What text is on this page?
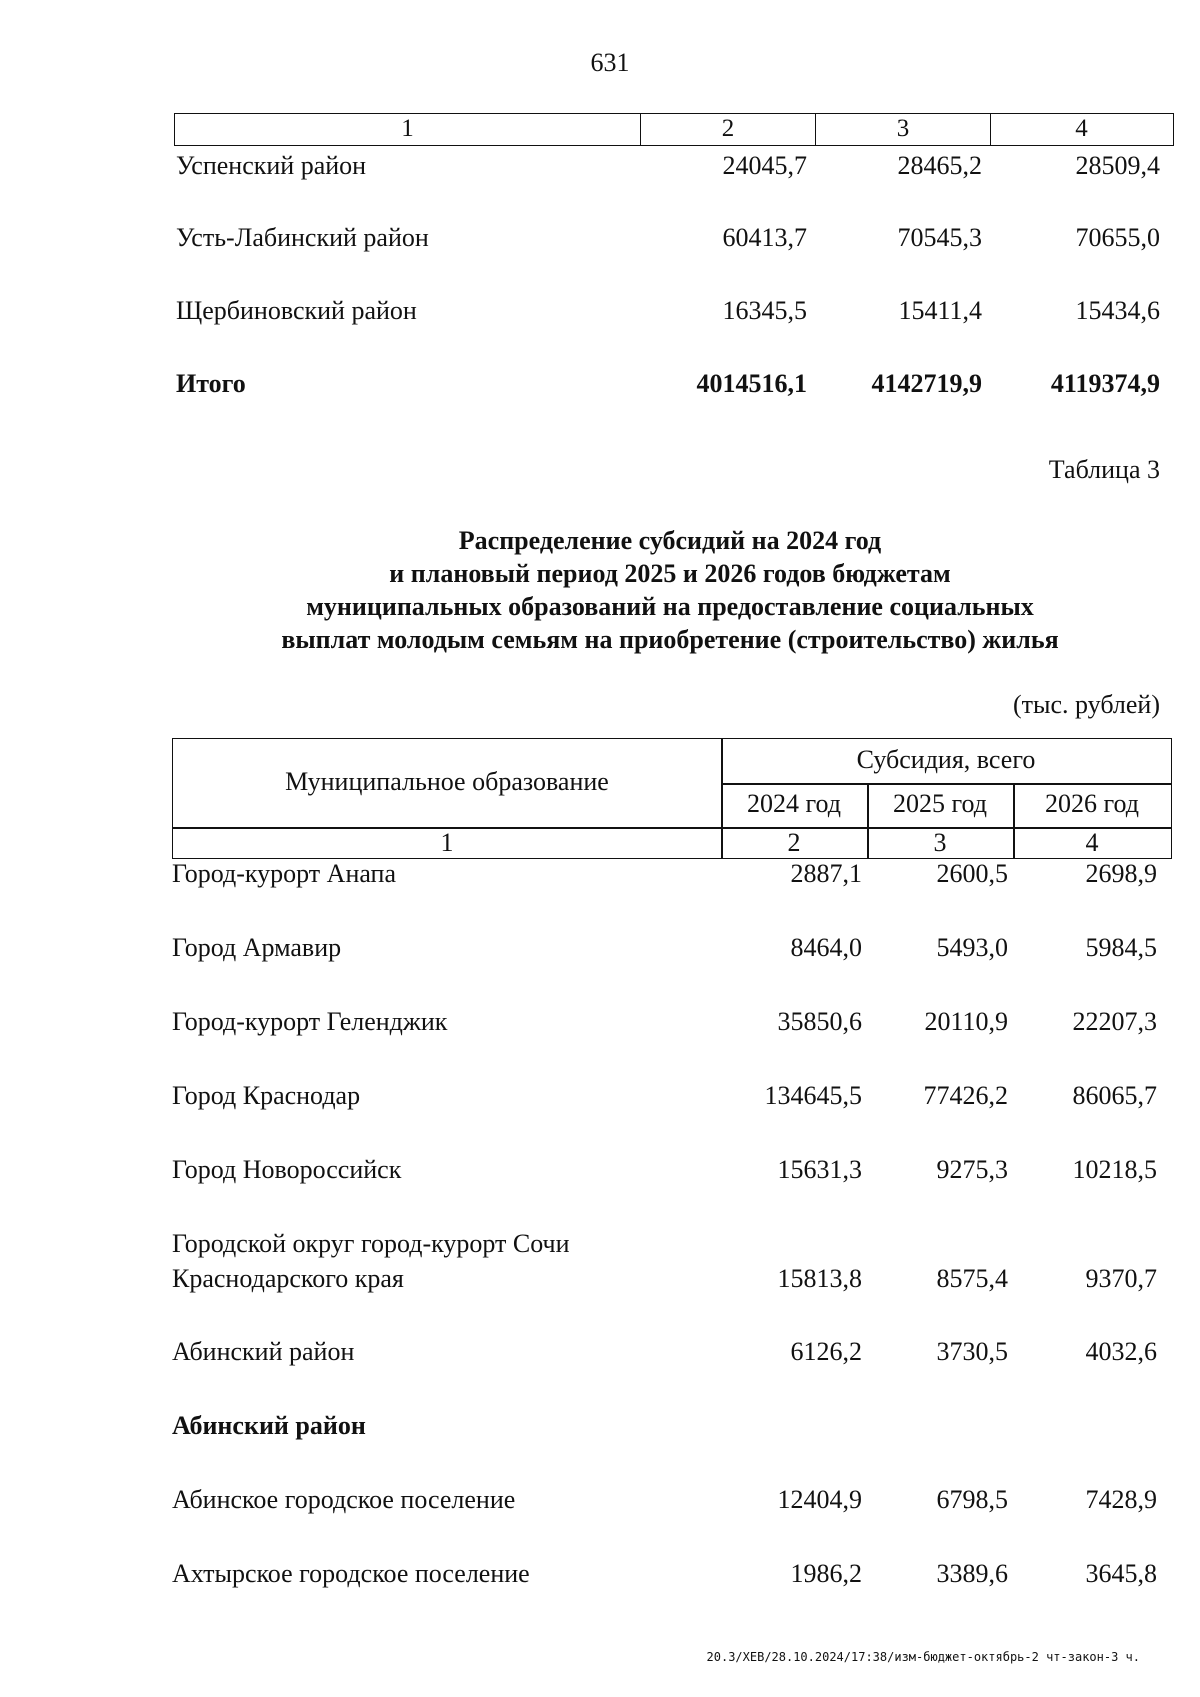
631
1	2	3	4
Успенский район	24045,7	28465,2	28509,4
Усть-Лабинский район	60413,7	70545,3	70655,0
Щербиновский район	16345,5	15411,4	15434,6
Итого	4014516,1 4142719,9	4119374,9
Таблица 3
Распределение субсидий на 2024 год
и плановый период 2025 и 2026 годов бюджетам
муниципальных образований на предоставление социальных
выплат молодым семьям на приобретение (строительство) жилья
(тыс. рублей)
Муниципальное образование
Субсидия, всего
2024 год	2025 год	2026 год
1	2	3	4
Город-курорт Анапа	2887,1	2600,5	2698,9
Город Армавир	8464,0	5493,0	5984,5
Город-курорт Геленджик	35850,6 20110,9 22207,3
Город Краснодар	134645,5 77426,2 86065,7
Город Новороссийск	15631,3	9275,3 10218,5
Городской округ город-курорт Сочи
Краснодарского края	15813,8	8575,4	9370,7
Абинский район	6126,2	3730,5	4032,6
Абинский район
Абинское городское поселение	12404,9	6798,5	7428,9
Ахтырское городское поселение	1986,2	3389,6	3645,8
20.3/ХЕВ/28.10.2024/17:38/изм-бюджет-октябрь-2 чт-закон-3 ч.
